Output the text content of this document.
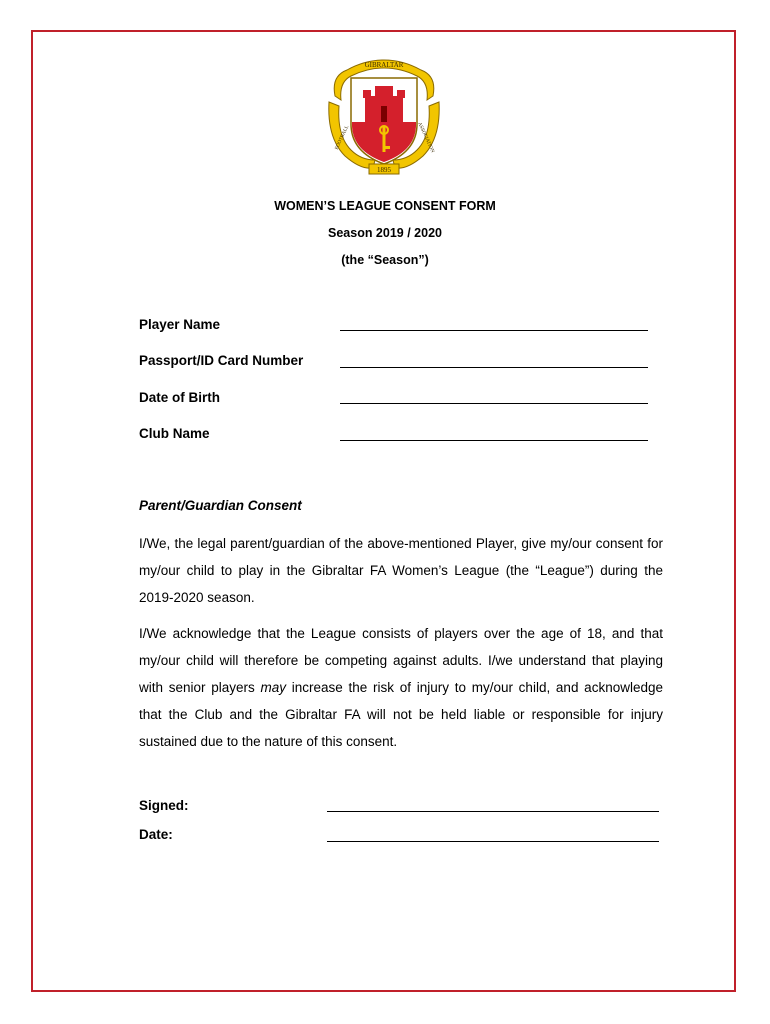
GIBRALTAR
FOOTBALL	ASSOCIATION
1895
WOMEN’S LEAGUE CONSENT FORM
Season 2019 / 2020
(the “Season”)
Player Name
Passport/ID Card Number
Date of Birth
Club Name
Parent/Guardian Consent

I/We, the legal parent/guardian of the above-mentioned Player, give my/our consent for my/our child to play in the Gibraltar FA Women’s League (the “League”) during the 2019-2020 season.

I/We acknowledge that the League consists of players over the age of 18, and that my/our child will therefore be competing against adults. I/we understand that playing with senior players may increase the risk of injury to my/our child, and acknowledge that the Club and the Gibraltar FA will not be held liable or responsible for injury sustained due to the nature of this consent.

Signed:
Date:
